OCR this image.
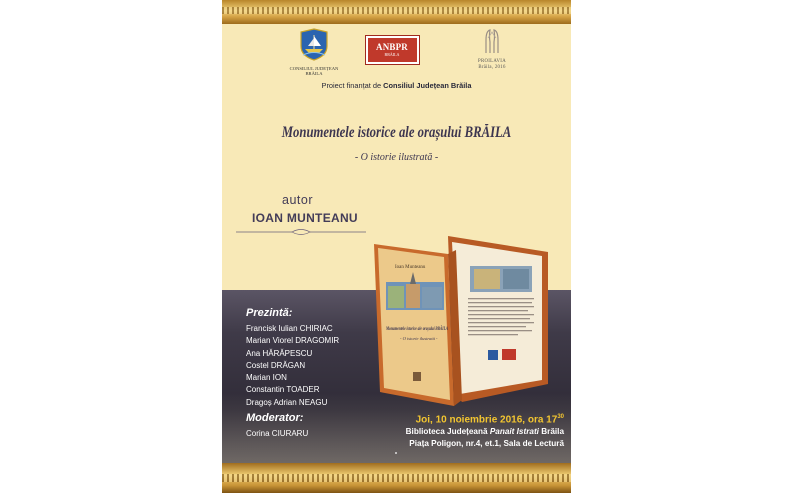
CONSILIUL JUDEȚEAN
BRĂILA
ANBPR
BRĂILA
PROILAVIA
Brăila, 2016
Proiect finanțat de Consiliul Județean Brăila
Monumentele istorice ale orașului BRĂILA
- O istorie ilustrată -
autor
IOAN MUNTEANU
Ioan Munteanu
Monumentele istorice ale orașului BRĂILA
- O istorie ilustrată -
Prezintă:
Francisk Iulian CHIRIAC
Marian Viorel DRAGOMIR
Ana HĂRĂPESCU
Costel DRĂGAN
Marian ION
Constantin TOADER
Dragoș Adrian NEAGU
Moderator:
Corina CIURARU
Joi, 10 noiembrie 2016, ora $17^{30}$
Biblioteca Județeană Panait Istrati Brăila
Piața Poligon, nr.4, et.1, Sala de Lectură
